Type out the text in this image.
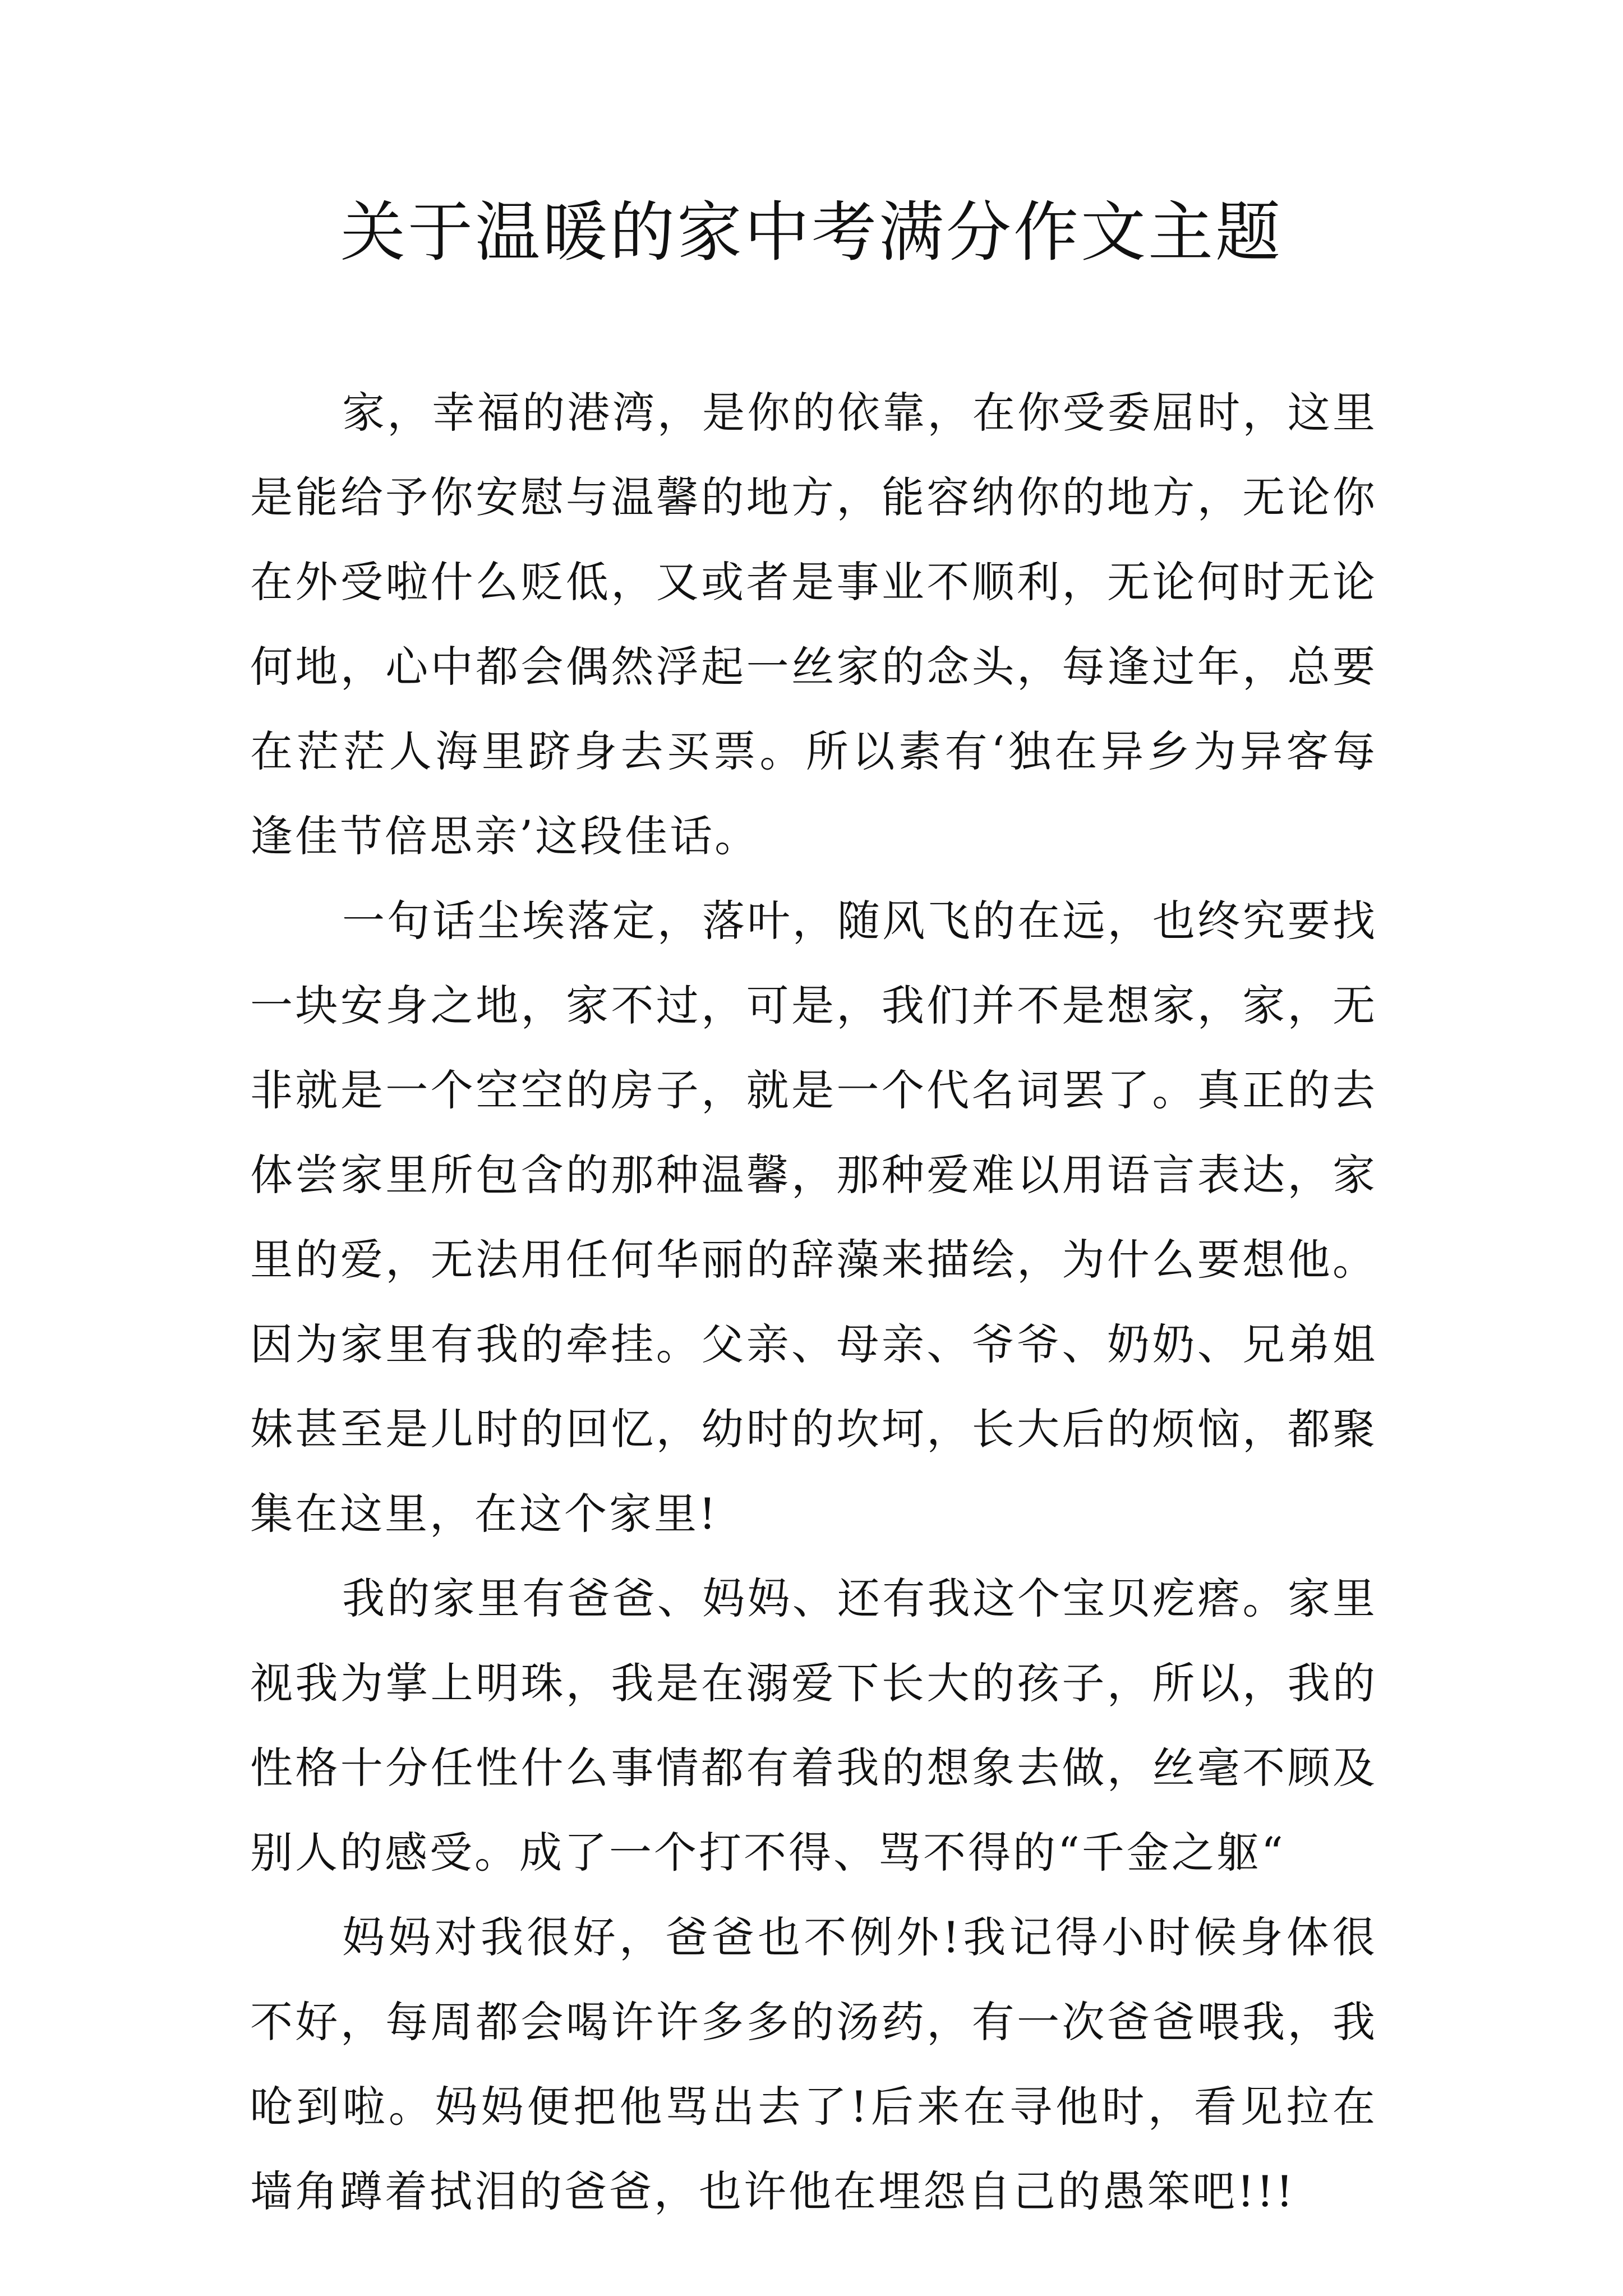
关于温暖的家中考满分作文主题

家，幸福的港湾，是你的依靠，在你受委屈时，这里是能给予你安慰与温馨的地方，能容纳你的地方，无论你在外受啦什么贬低，又或者是事业不顺利，无论何时无论何地，心中都会偶然浮起一丝家的念头，每逢过年，总要在茫茫人海里跻身去买票。所以素有‘独在异乡为异客每逢佳节倍思亲’这段佳话。

一句话尘埃落定，落叶，随风飞的在远，也终究要找一块安身之地，家不过，可是，我们并不是想家，家，无非就是一个空空的房子，就是一个代名词罢了。真正的去体尝家里所包含的那种温馨，那种爱难以用语言表达，家里的爱，无法用任何华丽的辞藻来描绘，为什么要想他。因为家里有我的牵挂。父亲、母亲、爷爷、奶奶、兄弟姐妹甚至是儿时的回忆，幼时的坎坷，长大后的烦恼，都聚集在这里，在这个家里!

我的家里有爸爸、妈妈、还有我这个宝贝疙瘩。家里视我为掌上明珠，我是在溺爱下长大的孩子，所以，我的性格十分任性什么事情都有着我的想象去做，丝毫不顾及别人的感受。成了一个打不得、骂不得的“千金之躯“

妈妈对我很好，爸爸也不例外!我记得小时候身体很不好，每周都会喝许许多多的汤药，有一次爸爸喂我，我呛到啦。妈妈便把他骂出去了!后来在寻他时，看见拉在墙角蹲着拭泪的爸爸，也许他在埋怨自己的愚笨吧!!!
